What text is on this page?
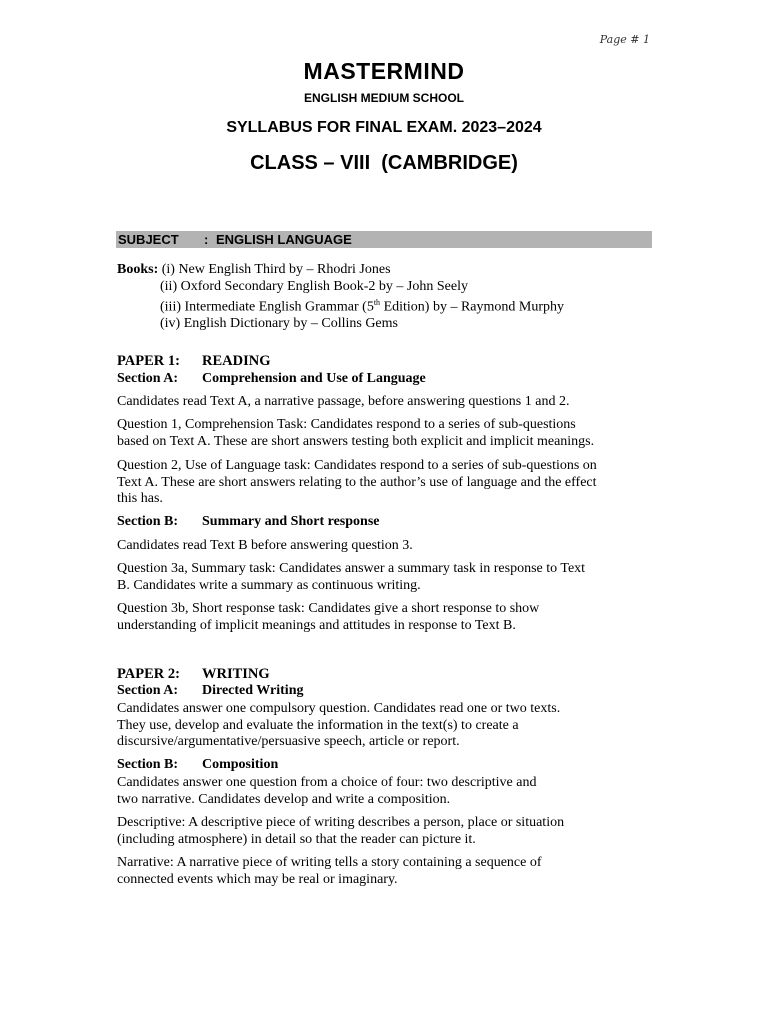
Page # 1
MASTERMIND
ENGLISH MEDIUM SCHOOL
SYLLABUS FOR FINAL EXAM. 2023–2024
CLASS – VIII  (CAMBRIDGE)
SUBJECT : ENGLISH LANGUAGE
Books: (i) New English Third by – Rhodri Jones
(ii) Oxford Secondary English Book-2 by – John Seely
(iii) Intermediate English Grammar (5th Edition) by – Raymond Murphy
(iv) English Dictionary by – Collins Gems
PAPER 1: READING
Section A: Comprehension and Use of Language
Candidates read Text A, a narrative passage, before answering questions 1 and 2.
Question 1, Comprehension Task: Candidates respond to a series of sub-questions based on Text A. These are short answers testing both explicit and implicit meanings.
Question 2, Use of Language task: Candidates respond to a series of sub-questions on Text A. These are short answers relating to the author’s use of language and the effect this has.
Section B: Summary and Short response
Candidates read Text B before answering question 3.
Question 3a, Summary task: Candidates answer a summary task in response to Text B. Candidates write a summary as continuous writing.
Question 3b, Short response task: Candidates give a short response to show understanding of implicit meanings and attitudes in response to Text B.
PAPER 2: WRITING
Section A: Directed Writing
Candidates answer one compulsory question. Candidates read one or two texts. They use, develop and evaluate the information in the text(s) to create a discursive/argumentative/persuasive speech, article or report.
Section B: Composition
Candidates answer one question from a choice of four: two descriptive and two narrative. Candidates develop and write a composition.
Descriptive: A descriptive piece of writing describes a person, place or situation (including atmosphere) in detail so that the reader can picture it.
Narrative: A narrative piece of writing tells a story containing a sequence of connected events which may be real or imaginary.
